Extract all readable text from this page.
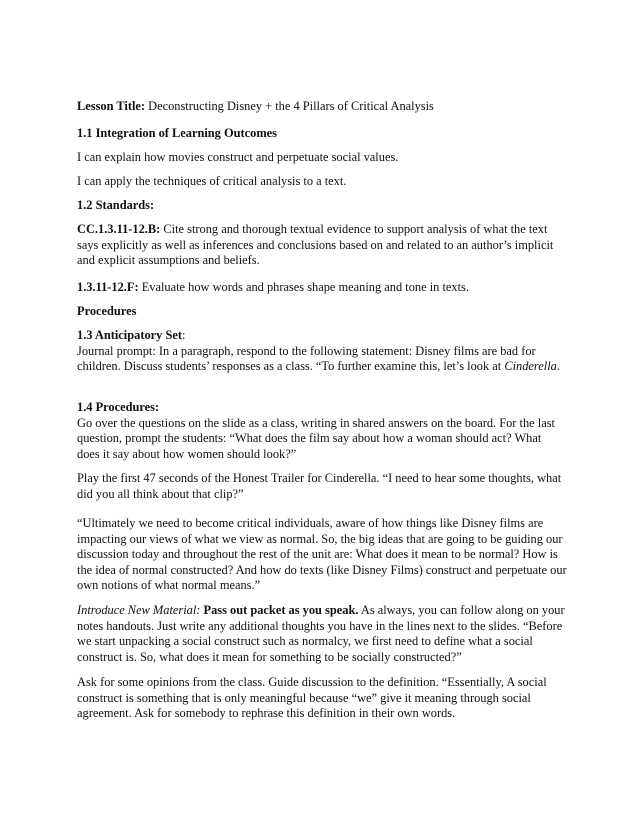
Lesson Title: Deconstructing Disney + the 4 Pillars of Critical Analysis

1.1 Integration of Learning Outcomes

I can explain how movies construct and perpetuate social values.

I can apply the techniques of critical analysis to a text.

1.2 Standards:

CC.1.3.11-12.B: Cite strong and thorough textual evidence to support analysis of what the text says explicitly as well as inferences and conclusions based on and related to an author’s implicit and explicit assumptions and beliefs.

1.3.11-12.F: Evaluate how words and phrases shape meaning and tone in texts.

Procedures

1.3 Anticipatory Set:

Journal prompt: In a paragraph, respond to the following statement: Disney films are bad for children. Discuss students’ responses as a class. “To further examine this, let’s look at Cinderella.

1.4 Procedures:

Go over the questions on the slide as a class, writing in shared answers on the board. For the last question, prompt the students: “What does the film say about how a woman should act? What does it say about how women should look?”

Play the first 47 seconds of the Honest Trailer for Cinderella. “I need to hear some thoughts, what did you all think about that clip?”

“Ultimately we need to become critical individuals, aware of how things like Disney films are impacting our views of what we view as normal. So, the big ideas that are going to be guiding our discussion today and throughout the rest of the unit are: What does it mean to be normal? How is the idea of normal constructed? And how do texts (like Disney Films) construct and perpetuate our own notions of what normal means.”

Introduce New Material: Pass out packet as you speak. As always, you can follow along on your notes handouts. Just write any additional thoughts you have in the lines next to the slides. “Before we start unpacking a social construct such as normalcy, we first need to define what a social construct is. So, what does it mean for something to be socially constructed?”

Ask for some opinions from the class. Guide discussion to the definition. “Essentially, A social construct is something that is only meaningful because “we” give it meaning through social agreement. Ask for somebody to rephrase this definition in their own words.
